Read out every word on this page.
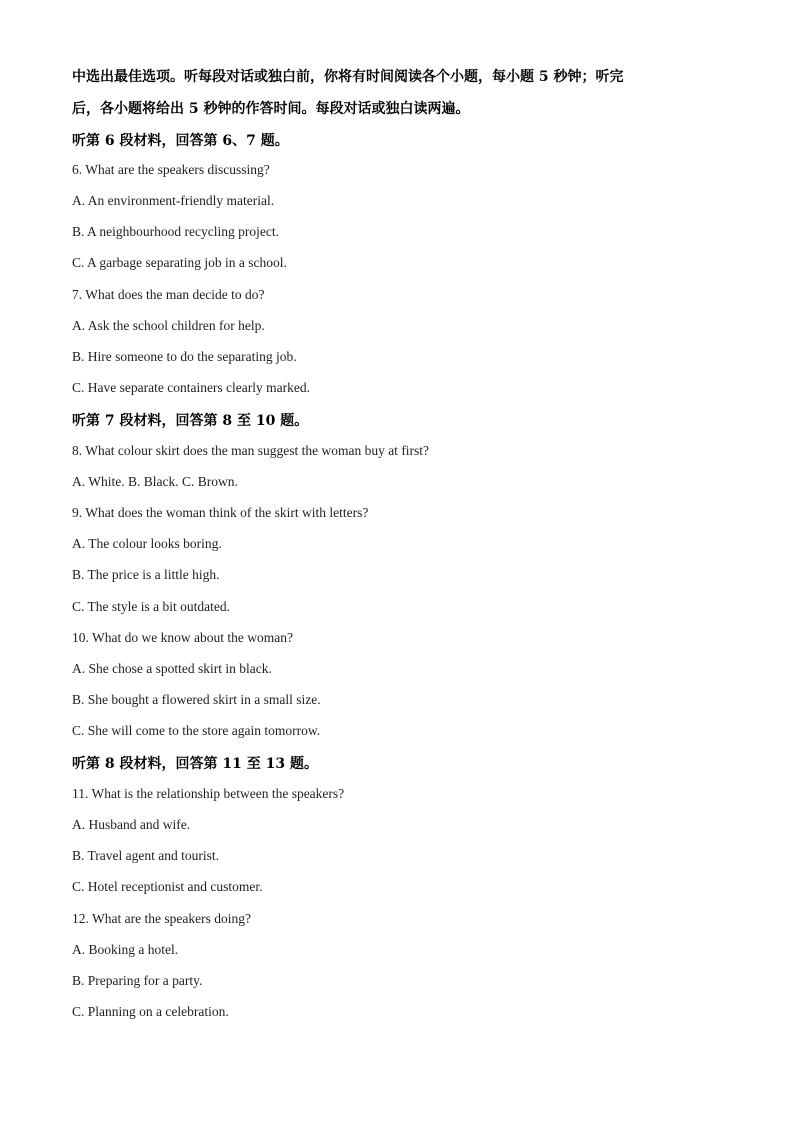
中选出最佳选项。听每段对话或独白前，你将有时间阅读各个小题，每小题 5 秒钟；听完
后，各小题将给出 5 秒钟的作答时间。每段对话或独白读两遍。
听第 6 段材料，回答第 6、7 题。
6. What are the speakers discussing?
A. An environment-friendly material.
B. A neighbourhood recycling project.
C. A garbage separating job in a school.
7. What does the man decide to do?
A. Ask the school children for help.
B. Hire someone to do the separating job.
C. Have separate containers clearly marked.
听第 7 段材料，回答第 8 至 10 题。
8. What colour skirt does the man suggest the woman buy at first?
A. White. B. Black. C. Brown.
9. What does the woman think of the skirt with letters?
A. The colour looks boring.
B. The price is a little high.
C. The style is a bit outdated.
10. What do we know about the woman?
A. She chose a spotted skirt in black.
B. She bought a flowered skirt in a small size.
C. She will come to the store again tomorrow.
听第 8 段材料，回答第 11 至 13 题。
11. What is the relationship between the speakers?
A. Husband and wife.
B. Travel agent and tourist.
C. Hotel receptionist and customer.
12. What are the speakers doing?
A. Booking a hotel.
B. Preparing for a party.
C. Planning on a celebration.
